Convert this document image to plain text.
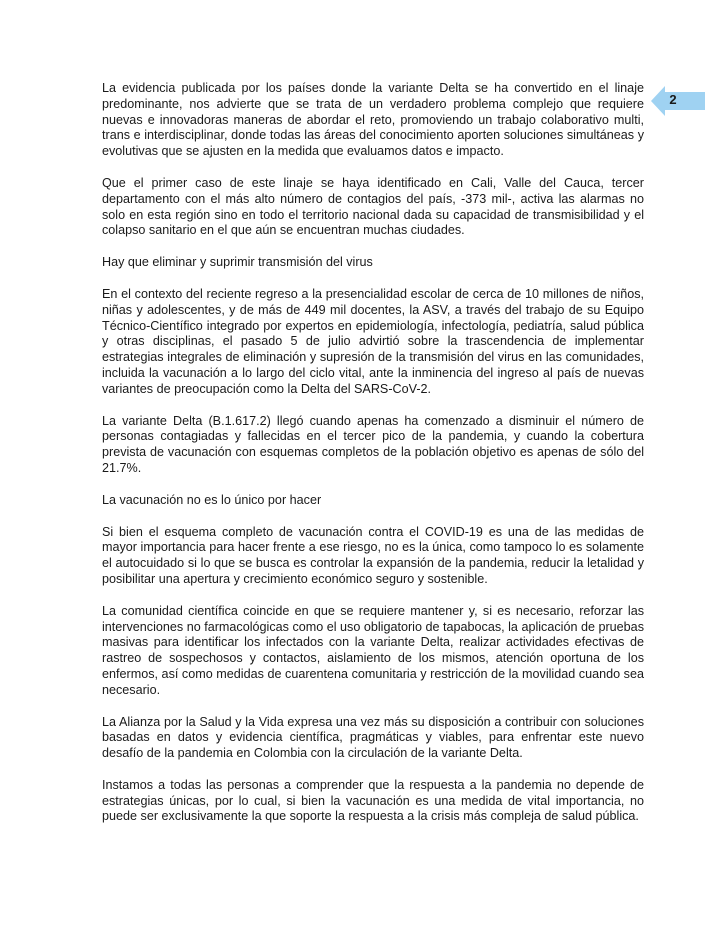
2

La evidencia publicada por los países donde la variante Delta se ha convertido en el linaje predominante, nos advierte que se trata de un verdadero problema complejo que requiere nuevas e innovadoras maneras de abordar el reto, promoviendo un trabajo colaborativo multi, trans e interdisciplinar, donde todas las áreas del conocimiento aporten soluciones simultáneas y evolutivas que se ajusten en la medida que evaluamos datos e impacto.

Que el primer caso de este linaje se haya identificado en Cali, Valle del Cauca, tercer departamento con el más alto número de contagios del país, -373 mil-, activa las alarmas no solo en esta región sino en todo el territorio nacional dada su capacidad de transmisibilidad y el colapso sanitario en el que aún se encuentran muchas ciudades.

Hay que eliminar y suprimir transmisión del virus

En el contexto del reciente regreso a la presencialidad escolar de cerca de 10 millones de niños, niñas y adolescentes, y de más de 449 mil docentes, la ASV, a través del trabajo de su Equipo Técnico-Científico integrado por expertos en epidemiología, infectología, pediatría, salud pública y otras disciplinas, el pasado 5 de julio advirtió sobre la trascendencia de implementar estrategias integrales de eliminación y supresión de la transmisión del virus en las comunidades, incluida la vacunación a lo largo del ciclo vital, ante la inminencia del ingreso al país de nuevas variantes de preocupación como la Delta del SARS-CoV-2.

La variante Delta (B.1.617.2) llegó cuando apenas ha comenzado a disminuir el número de personas contagiadas y fallecidas en el tercer pico de la pandemia, y cuando la cobertura prevista de vacunación con esquemas completos de la población objetivo es apenas de sólo del 21.7%.

La vacunación no es lo único por hacer

Si bien el esquema completo de vacunación contra el COVID-19 es una de las medidas de mayor importancia para hacer frente a ese riesgo, no es la única, como tampoco lo es solamente el autocuidado si lo que se busca es controlar la expansión de la pandemia, reducir la letalidad y posibilitar una apertura y crecimiento económico seguro y sostenible.

La comunidad científica coincide en que se requiere mantener y, si es necesario, reforzar las intervenciones no farmacológicas como el uso obligatorio de tapabocas, la aplicación de pruebas masivas para identificar los infectados con la variante Delta, realizar actividades efectivas de rastreo de sospechosos y contactos, aislamiento de los mismos, atención oportuna de los enfermos, así como medidas de cuarentena comunitaria y restricción de la movilidad cuando sea necesario.

La Alianza por la Salud y la Vida expresa una vez más su disposición a contribuir con soluciones basadas en datos y evidencia científica, pragmáticas y viables, para enfrentar este nuevo desafío de la pandemia en Colombia con la circulación de la variante Delta.

Instamos a todas las personas a comprender que la respuesta a la pandemia no depende de estrategias únicas, por lo cual, si bien la vacunación es una medida de vital importancia, no puede ser exclusivamente la que soporte la respuesta a la crisis más compleja de salud pública.
